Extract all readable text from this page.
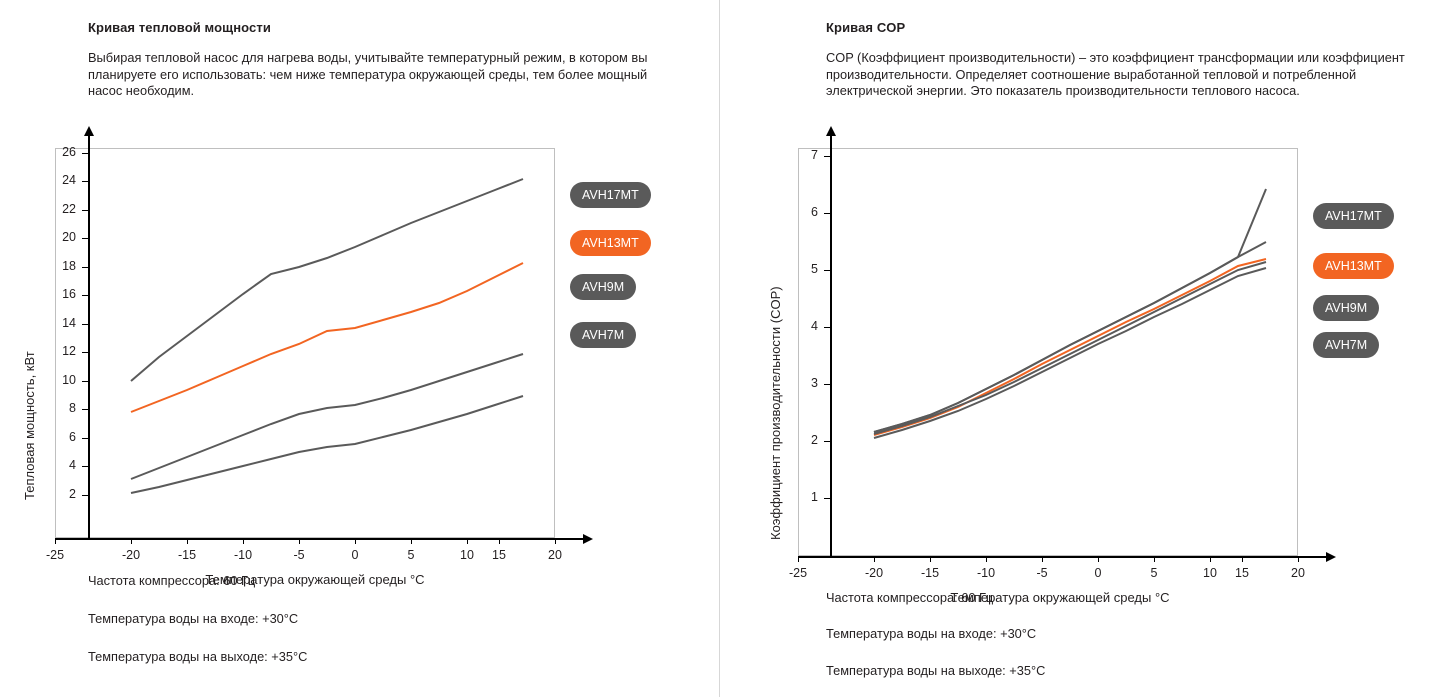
Кривая тепловой мощности
Выбирая тепловой насос для нагрева воды, учитывайте температурный режим, в котором вы планируете его использовать: чем ниже температура окружающей среды, тем более мощный насос необходим.
26
24
22
20
18
16
14
12
10
8
6
4
2
-25	-20	-15	-10	-5	0	5	10	15	20
Температура окружающей среды °C
Тепловая мощность, кВт
AVH17MT
AVH13MT
AVH9M
AVH7M
Частота компрессора: 60 Гц
Температура воды на входе: +30°C
Температура воды на выходе: +35°C
Кривая COP
COP (Коэффициент производительности) – это коэффициент трансформации или коэффициент производительности. Определяет соотношение выработанной тепловой и потребленной электрической энергии. Это показатель производительности теплового насоса.
7
6
5
4
3
2
1
-25	-20	-15	-10	-5	0	5	10	15	20
Температура окружающей среды °C
Коэффициент производительности (COP)
AVH17MT
AVH13MT
AVH9M
AVH7M
Частота компрессора: 60 Гц
Температура воды на входе: +30°C
Температура воды на выходе: +35°C
